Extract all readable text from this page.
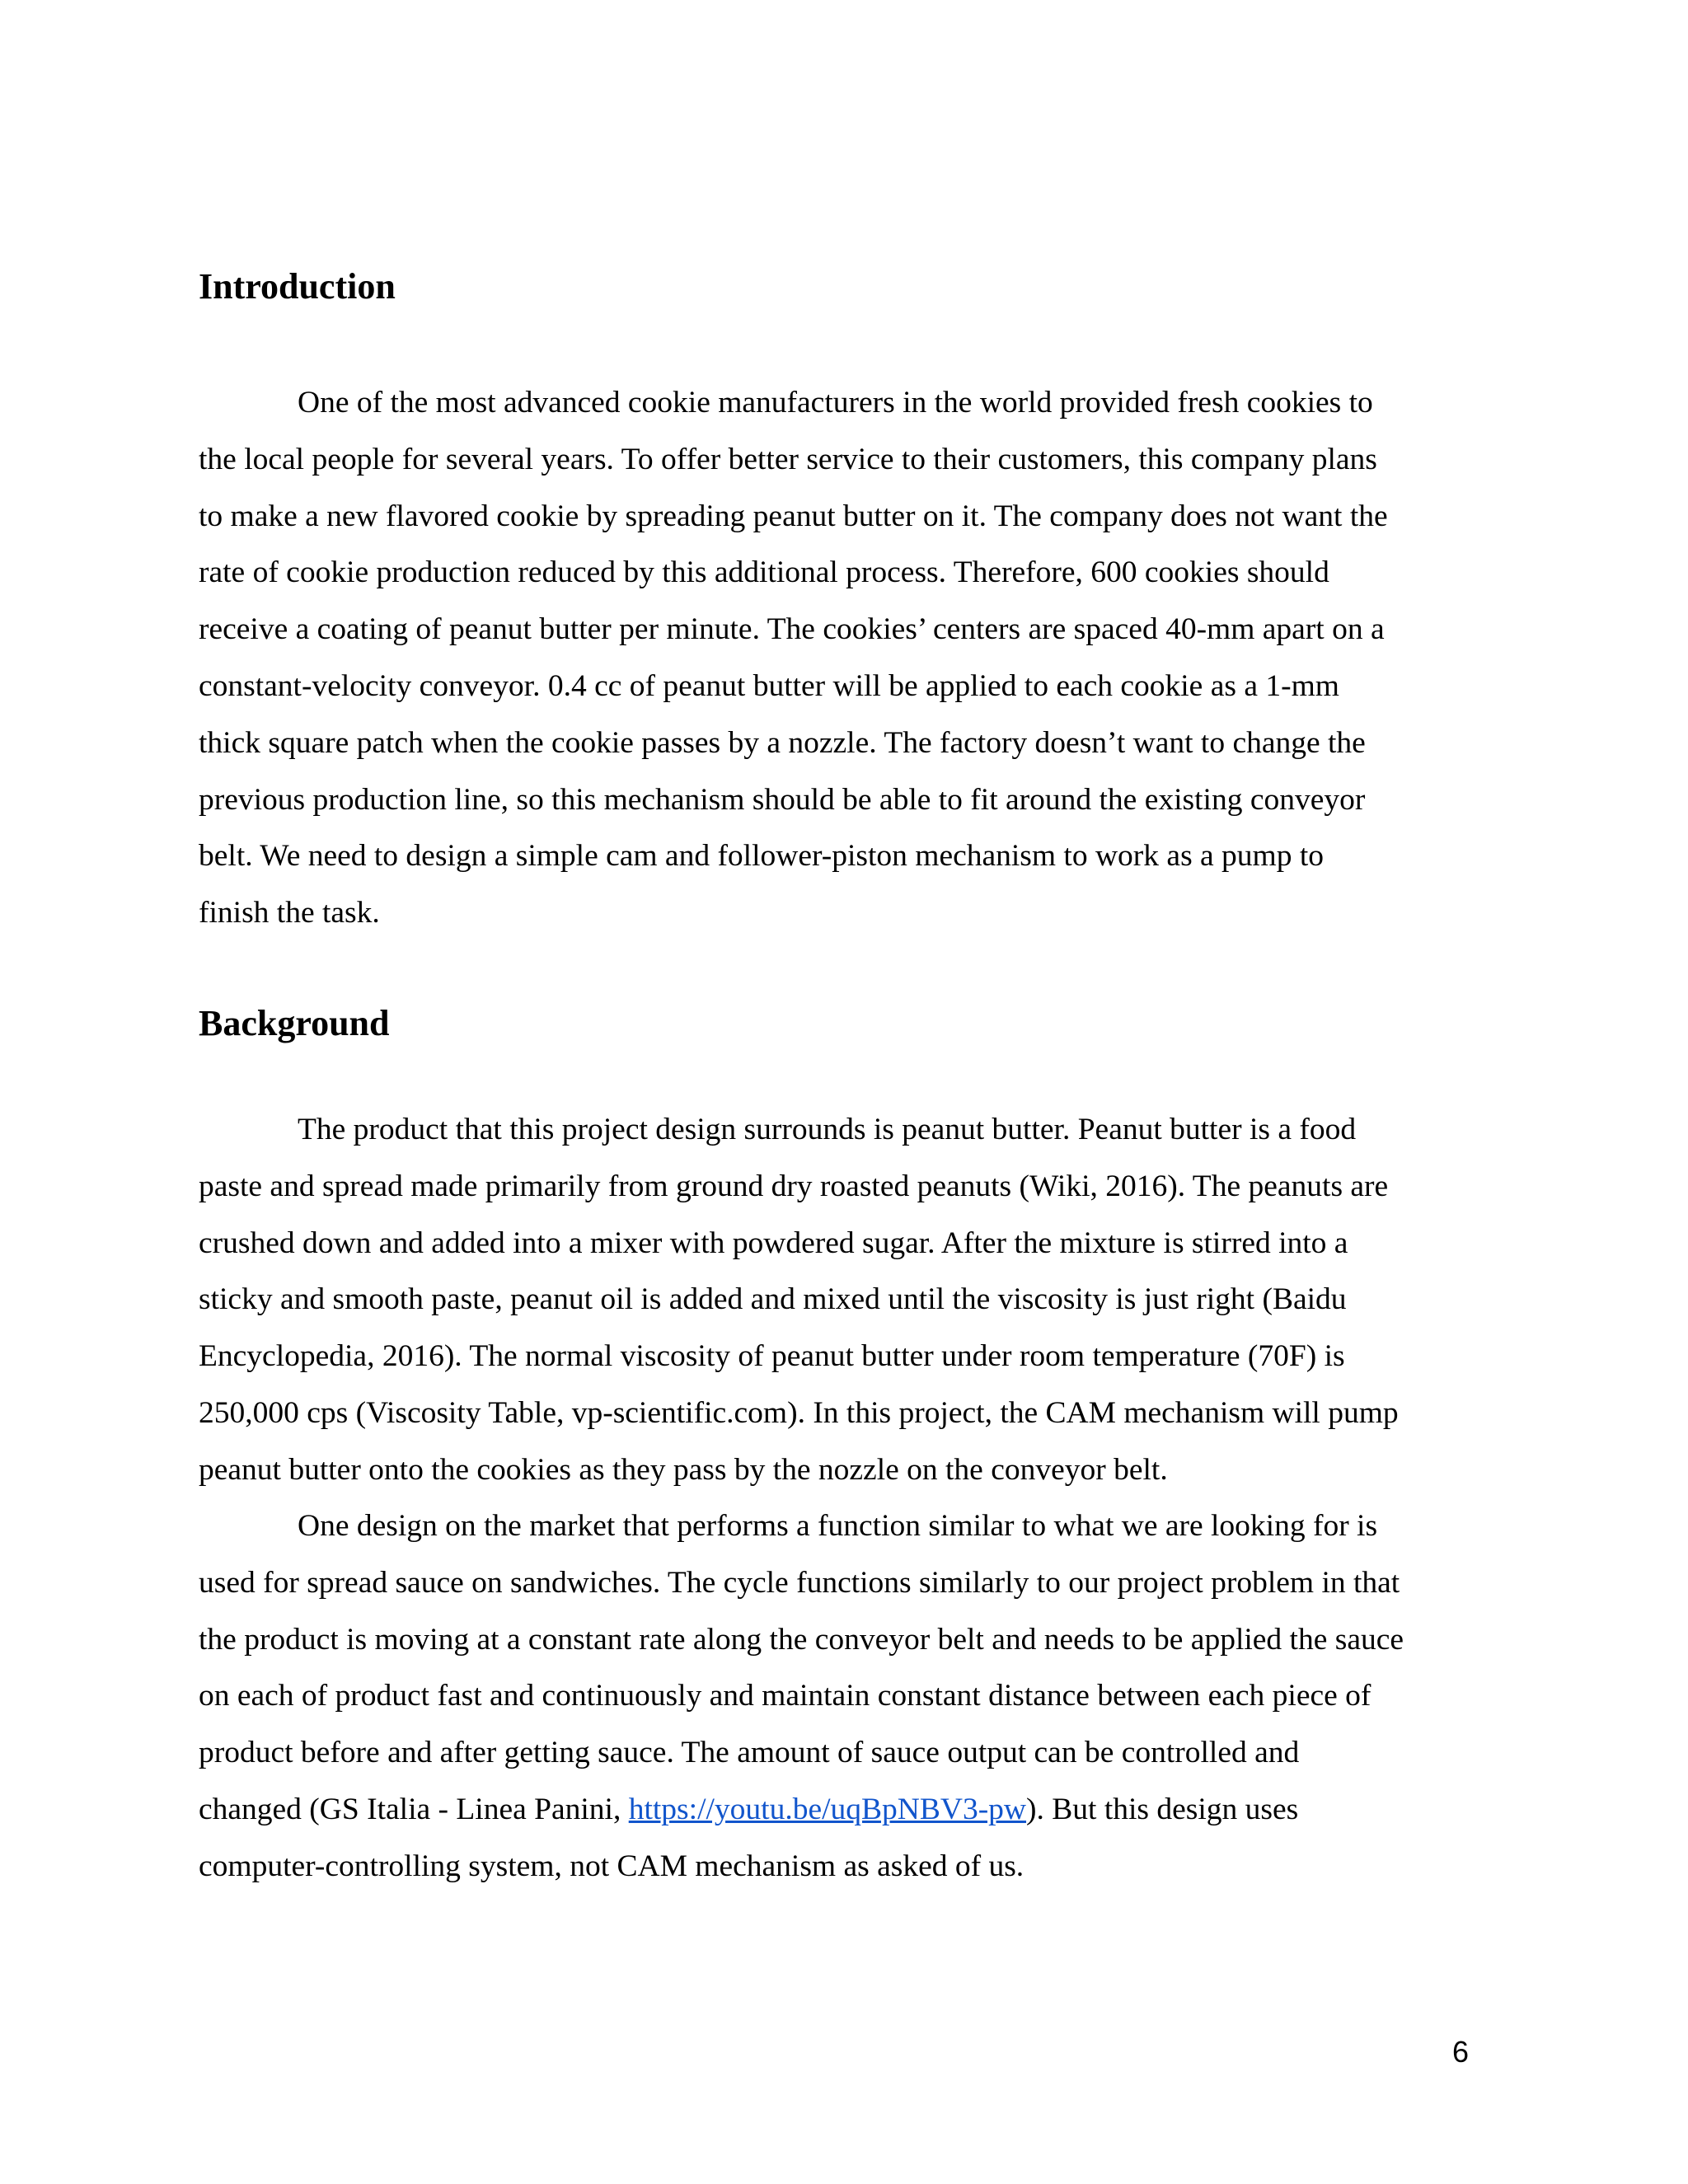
Introduction

One of the most advanced cookie manufacturers in the world provided fresh cookies to
the local people for several years. To offer better service to their customers, this company plans
to make a new flavored cookie by spreading peanut butter on it. The company does not want the
rate of cookie production reduced by this additional process. Therefore, 600 cookies should
receive a coating of peanut butter per minute. The cookies’ centers are spaced 40-mm apart on a
constant-velocity conveyor. 0.4 cc of peanut butter will be applied to each cookie as a 1-mm
thick square patch when the cookie passes by a nozzle. The factory doesn’t want to change the
previous production line, so this mechanism should be able to fit around the existing conveyor
belt. We need to design a simple cam and follower-piston mechanism to work as a pump to
finish the task.

Background

The product that this project design surrounds is peanut butter. Peanut butter is a food
paste and spread made primarily from ground dry roasted peanuts (Wiki, 2016). The peanuts are
crushed down and added into a mixer with powdered sugar. After the mixture is stirred into a
sticky and smooth paste, peanut oil is added and mixed until the viscosity is just right (Baidu
Encyclopedia, 2016). The normal viscosity of peanut butter under room temperature (70F) is
250,000 cps (Viscosity Table, vp-scientific.com). In this project, the CAM mechanism will pump
peanut butter onto the cookies as they pass by the nozzle on the conveyor belt.

One design on the market that performs a function similar to what we are looking for is
used for spread sauce on sandwiches. The cycle functions similarly to our project problem in that
the product is moving at a constant rate along the conveyor belt and needs to be applied the sauce
on each of product fast and continuously and maintain constant distance between each piece of
product before and after getting sauce. The amount of sauce output can be controlled and
changed (GS Italia - Linea Panini, https://youtu.be/uqBpNBV3-pw). But this design uses
computer-controlling system, not CAM mechanism as asked of us.

6
